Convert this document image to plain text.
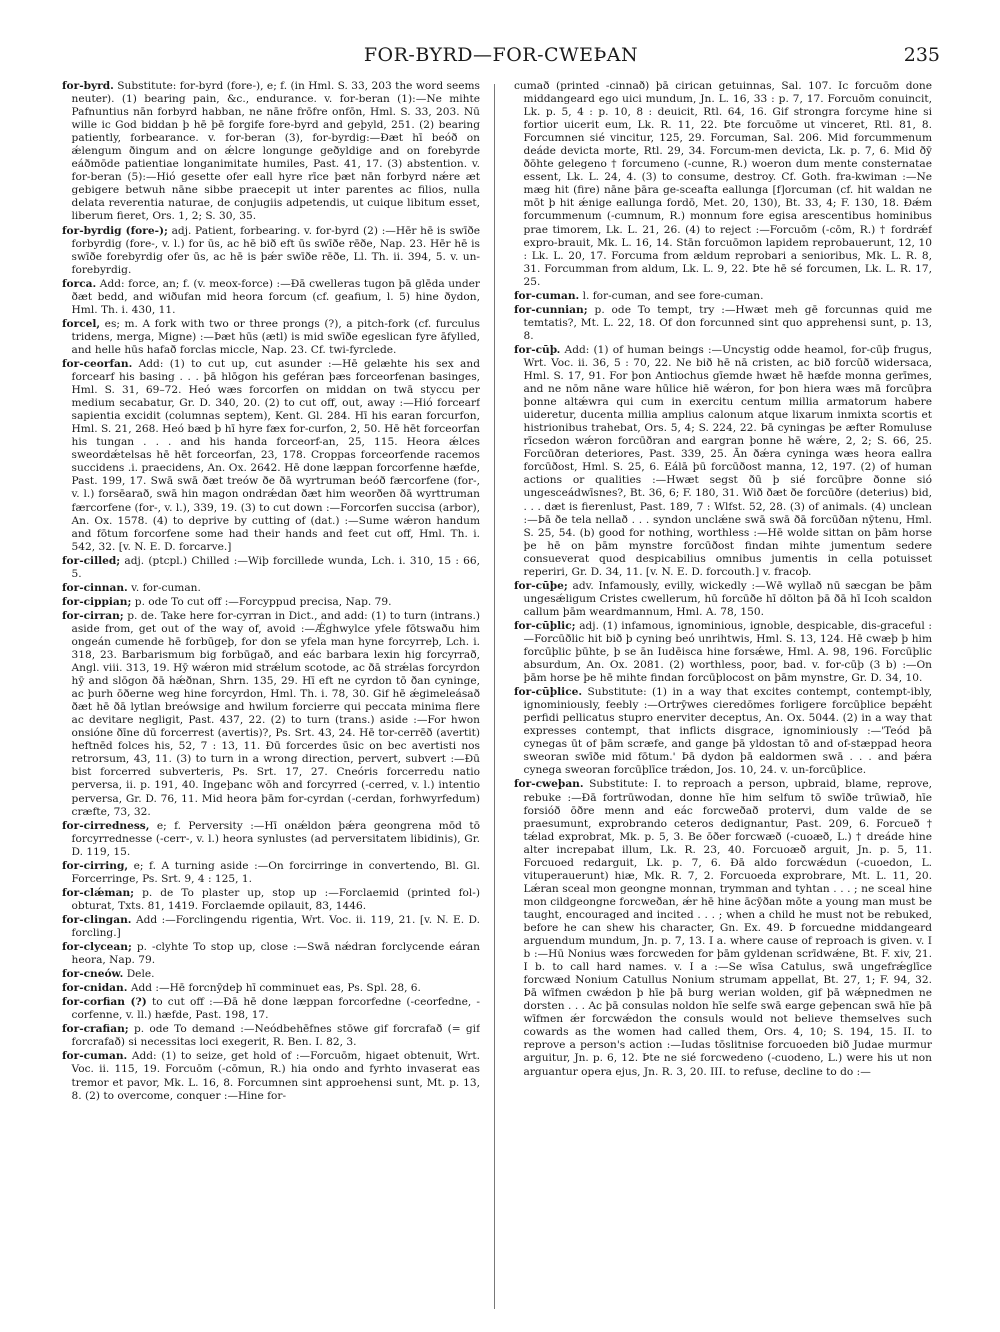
FOR-BYRD—FOR-CWEÞAN	235

for-byrd. Substitute: for-byrd (fore-), e; f. (in Hml. S. 33, 203 the word seems neuter). (1) bearing pain, &c., endurance. v. for-beran (1):—Ne mihte Pafnuntius nān forbyrd habban, ne nāne frōfre onfōn, Hml. S. 33, 203. Nū wille ic God biddan þ hē þē forgife fore-byrd and geþyld, 251. (2) bearing patiently, forbearance. v. for-beran (3), for-byrdig:—Ðæt hī beóð on ǽlengum ðingum and on ǽlcre longunge geðyldige and on forebyrde eáðmōde patientiae longanimitate humiles, Past. 41, 17. (3) abstention. v. for-beran (5):—Hió gesette ofer eall hyre rīce þæt nān forbyrd nǽre æt gebigere betwuh nāne sibbe praecepit ut inter parentes ac filios, nulla delata reverentia naturae, de conjugiis adpetendis, ut cuique libitum esset, liberum fieret, Ors. 1, 2; S. 30, 35.

for-byrdig (fore-); adj. Patient, forbearing. v. for-byrd (2) :—Hēr hē is swīðe forbyrdig (fore-, v. l.) for ūs, ac hē bið eft ūs swīðe rēðe, Nap. 23. Hēr hē is swīðe forebyrdig ofer ūs, ac hē is þǽr swīðe rēðe, Ll. Th. ii. 394, 5. v. un-forebyrdig.

forca. Add: force, an; f. (v. meox-force) :—Ðā cwelleras tugon þā glēda under ðæt bedd, and wiðufan mid heora forcum (cf. geafium, l. 5) hine ðydon, Hml. Th. i. 430, 11.

forcel, es; m. A fork with two or three prongs (?), a pitch-fork (cf. furculus tridens, merga, Migne) :—Þæt hūs (ætl) is mid swīðe egeslican fyre āfylled, and helle hūs hafað forclas miccle, Nap. 23. Cf. twi-fyrclede.

for-ceorfan. Add: (1) to cut up, cut asunder :—Hē gelæhte his sex and forcearf his basing . . . þā hlōgon his geféran þæs forceorfenan basinges, Hml. S. 31, 69–72. Heó wæs forcorfen on middan on twā styccu per medium secabatur, Gr. D. 340, 20. (2) to cut off, out, away :—Hió forcearf sapientia excidit (columnas septem), Kent. Gl. 284. Hī his earan forcurfon, Hml. S. 21, 268. Heó bæd þ hī hyre fæx for-curfon, 2, 50. Hē hēt forceorfan his tungan . . . and his handa forceorf-an, 25, 115. Heora ǽlces sweordǽtelsas hē hēt forceorfan, 23, 178. Croppas forceorfende racemos succidens .i. praecidens, An. Ox. 2642. Hē done læppan forcorfenne hæfde, Past. 199, 17. Swā swā ðæt treów ðe ðā wyrtruman beóð færcorfene (for-, v. l.) forsēarað, swā hin magon ondrǽdan ðæt him weorðen ðā wyrttruman færcorfene (for-, v. l.), 339, 19. (3) to cut down :—Forcorfen succisa (arbor), An. Ox. 1578. (4) to deprive by cutting of (dat.) :—Sume wǽron handum and fōtum forcorfene some had their hands and feet cut off, Hml. Th. i. 542, 32. [v. N. E. D. forcarve.]

for-cilled; adj. (ptcpl.) Chilled :—Wiþ forcillede wunda, Lch. i. 310, 15 : 66, 5.

for-cinnan. v. for-cuman.

for-cippian; p. ode To cut off :—Forcyppud precisa, Nap. 79.

for-cirran; p. de. Take here for-cyrran in Dict., and add: (1) to turn (intrans.) aside from, get out of the way of, avoid :—Ǽghwylce yfele fōtswaðu him ongeán cumende hē forbūgeþ, for don se yfela man hyne forcyrreþ, Lch. i. 318, 23. Barbarismum big forbūgað, and eác barbara lexin hig forcyrrað, Angl. viii. 313, 19. Hȳ wǽron mid strǽlum scotode, ac ðā strǽlas forcyrdon hȳ and slōgon ðā hǽðnan, Shrn. 135, 29. Hī eft ne cyrdon tō ðan cyninge, ac þurh ōðerne weg hine forcyrdon, Hml. Th. i. 78, 30. Gif hē ǽgimeleásað ðæt hē ðā lytlan breówsige and hwilum forcierre qui peccata minima flere ac devitare negligit, Past. 437, 22. (2) to turn (trans.) aside :—For hwon onsióne ðīne dū forcerrest (avertis)?, Ps. Srt. 43, 24. Hē tor-cerrēð (avertit) heftnēd folces his, 52, 7 : 13, 11. Ðū forcerdes ūsic on bec avertisti nos retrorsum, 43, 11. (3) to turn in a wrong direction, pervert, subvert :—Ðū bist forcerred subverteris, Ps. Srt. 17, 27. Cneóris forcerredu natio perversa, ii. p. 191, 40. Ingeþanc wōh and forcyrred (-cerred, v. l.) intentio perversa, Gr. D. 76, 11. Mid heora þām for-cyrdan (-cerdan, forhwyrfedum) cræfte, 73, 32.

for-cirredness, e; f. Perversity :—Hī onǽldon þǽra geongrena mōd tō forcyrrednesse (-cerr-, v. l.) heora synlustes (ad perversitatem libidinis), Gr. D. 119, 15.

for-cirring, e; f. A turning aside :—On forcirringe in convertendo, Bl. Gl. Forcerringe, Ps. Srt. 9, 4 : 125, 1.

for-clǽman; p. de To plaster up, stop up :—Forclaemid (printed fol-) obturat, Txts. 81, 1419. Forclaemde opilauit, 83, 1446.

for-clingan. Add :—Forclingendu rigentia, Wrt. Voc. ii. 119, 21. [v. N. E. D. forcling.]

for-clycean; p. -clyhte To stop up, close :—Swā nǽdran forclycende eáran heora, Nap. 79.

for-cneów. Dele.

for-cnidan. Add :—Hē forcnȳdeþ hī comminuet eas, Ps. Spl. 28, 6.

for-corfian (?) to cut off :—Ðā hē done læppan forcorfedne (-ceorfedne, -corfenne, v. ll.) hæfde, Past. 198, 17.

for-crafian; p. ode To demand :—Neódbehēfnes stōwe gif forcrafað (= gif forcrafað) si necessitas loci exegerit, R. Ben. I. 82, 3.

for-cuman. Add: (1) to seize, get hold of :—Forcuōm, higaet obtenuit, Wrt. Voc. ii. 115, 19. Forcuōm (-cōmun, R.) hia ondo and fyrhto invaserat eas tremor et pavor, Mk. L. 16, 8. Forcumnen sint approehensi sunt, Mt. p. 13, 8. (2) to overcome, conquer :—Hine for-

cumað (printed -cinnað) þā cirican getuinnas, Sal. 107. Ic forcuōm done middangeard ego uici mundum, Jn. L. 16, 33 : p. 7, 17. Forcuōm conuincit, Lk. p. 5, 4 : p. 10, 8 : deuicit, Rtl. 64, 16. Gif strongra forcyme hine si fortior uicerit eum, Lk. R. 11, 22. Þte forcuōme ut vinceret, Rtl. 81, 8. Forcumnen sié vincitur, 125, 29. Forcuman, Sal. 206. Mid forcummenum deáde devicta morte, Rtl. 29, 34. Forcum-men devicta, Lk. p. 7, 6. Mid ðȳ ðōhte gelegeno † forcumeno (-cunne, R.) woeron dum mente consternatae essent, Lk. L. 24, 4. (3) to consume, destroy. Cf. Goth. fra-kwiman :—Ne mæg hit (fire) nāne þāra ge-sceafta eallunga [f]orcuman (cf. hit waldan ne mōt þ hit ǽnige eallunga fordō, Met. 20, 130), Bt. 33, 4; F. 130, 18. Ðǽm forcummenum (-cumnum, R.) monnum fore egisa arescentibus hominibus prae timorem, Lk. L. 21, 26. (4) to reject :—Forcuōm (-cōm, R.) † fordrǽf expro-brauit, Mk. L. 16, 14. Stān forcuōmon lapidem reprobauerunt, 12, 10 : Lk. L. 20, 17. Forcuma from ældum reprobari a senioribus, Mk. L. R. 8, 31. Forcumman from aldum, Lk. L. 9, 22. Þte hē sé forcumen, Lk. L. R. 17, 25.

for-cuman. l. for-cuman, and see fore-cuman.

for-cunnian; p. ode To tempt, try :—Hwæt meh gē forcunnas quid me temtatis?, Mt. L. 22, 18. Of don forcunned sint quo apprehensi sunt, p. 13, 8.

for-cūþ. Add: (1) of human beings :—Uncystig odde heamol, for-cūþ frugus, Wrt. Voc. ii. 36, 5 : 70, 22. Ne bið hē nā cristen, ac bið forcūð widersaca, Hml. S. 17, 91. For þon Antiochus gīemde hwæt hē hæfde monna gerīmes, and ne nōm nāne ware hūlice hiē wǽron, for þon hiera wæs mā forcūþra þonne altǽwra qui cum in exercitu centum millia armatorum habere uideretur, ducenta millia amplius calonum atque lixarum inmixta scortis et histrionibus trahebat, Ors. 5, 4; S. 224, 22. Þā cyningas þe æfter Romuluse rīcsedon wǽron forcūðran and eargran þonne hē wǽre, 2, 2; S. 66, 25. Forcūðran deteriores, Past. 339, 25. Ān ðǽra cyninga wæs heora eallra forcūðost, Hml. S. 25, 6. Eálā þū forcūðost manna, 12, 197. (2) of human actions or qualities :—Hwæt segst ðū þ sié forcūþre ðonne sió ungesceádwīsnes?, Bt. 36, 6; F. 180, 31. Wið ðæt ðe forcūðre (deterius) bid, . . . dæt is fierenlust, Past. 189, 7 : Wlfst. 52, 28. (3) of animals. (4) unclean :—Þā ðe tela nellað . . . syndon unclǽne swā swā ðā forcūðan nȳtenu, Hml. S. 25, 54. (b) good for nothing, worthless :—Hē wolde sittan on þām horse þe hē on þām mynstre forcūðost findan mihte jumentum sedere consueverat quod despicabilius omnibus jumentis in cella potuisset reperiri, Gr. D. 34, 11. [v. N. E. D. forcouth.] v. fracoþ.

for-cūþe; adv. Infamously, evilly, wickedly :—Wē wyllað nū sæcgan be þām ungesǽligum Cristes cwellerum, hū forcūðe hī dōlton þā ðā hī Icoh scaldon callum þām weardmannum, Hml. A. 78, 150.

for-cūþlic; adj. (1) infamous, ignominious, ignoble, despicable, dis-graceful :—Forcūðlic hit bið þ cyning beó unrihtwis, Hml. S. 13, 124. Hē cwæþ þ him forcūþlic þūhte, þ se ān Iudēisca hine forsǽwe, Hml. A. 98, 196. Forcūþlic absurdum, An. Ox. 2081. (2) worthless, poor, bad. v. for-cūþ (3 b) :—On þām horse þe hē mihte findan forcūþlocost on þām mynstre, Gr. D. 34, 10.

for-cūþlice. Substitute: (1) in a way that excites contempt, contempt-ibly, ignominiously, feebly :—Ortrȳwes cieredōmes forligere forcūþlice bepǽht perfidi pellicatus stupro enerviter deceptus, An. Ox. 5044. (2) in a way that expresses contempt, that inflicts disgrace, ignominiously :—'Teód þā cynegas ūt of þām scræfe, and gange þā yldostan tō and of-stæppad heora sweoran swīðe mid fōtum.' Þā dydon þā ealdormen swā . . . and þǽra cynega sweoran forcūþlīce trǽdon, Jos. 10, 24. v. un-forcūþlice.

for-cweþan. Substitute: I. to reproach a person, upbraid, blame, reprove, rebuke :—Ðā fortrūwodan, donne hīe him selfum tō swīðe trūwiað, hīe forsióð ōðre menn and eác forcweðað protervi, dum valde de se praesumunt, exprobrando ceteros dedignantur, Past. 209, 6. Forcueð † tǽlad exprobrat, Mk. p. 5, 3. Be ōðer forcwæð (-cuoæð, L.) † dreáde hine alter increpabat illum, Lk. R. 23, 40. Forcuoæð arguit, Jn. p. 5, 11. Forcuoed redarguit, Lk. p. 7, 6. Ðā aldo forcwǽdun (-cuoedon, L. vituperauerunt) hiæ, Mk. R. 7, 2. Forcuoeda exprobrare, Mt. L. 11, 20. Lǽran sceal mon geongne monnan, trymman and tyhtan . . . ; ne sceal hine mon cildgeongne forcweðan, ǽr hē hine ācȳðan mōte a young man must be taught, encouraged and incited . . . ; when a child he must not be rebuked, before he can shew his character, Gn. Ex. 49. Þ forcuedne middangeard arguendum mundum, Jn. p. 7, 13. I a. where cause of reproach is given. v. I b :—Hū Nonius wæs forcweden for þām gyldenan scrīdwǽne, Bt. F. xiv, 21. I b. to call hard names. v. I a :—Se wīsa Catulus, swā ungefrǽglīce forcwæd Nonium Catullus Nonium strumam appellat, Bt. 27, 1; F. 94, 32. Þā wīfmen cwǽdon þ hīe þā burg werian wolden, gif þā wǽpnedmen ne dorsten . . . Ac þā consulas noldon hīe selfe swā earge geþencan swā hīe þā wīfmen ǽr forcwǽdon the consuls would not believe themselves such cowards as the women had called them, Ors. 4, 10; S. 194, 15. II. to reprove a person's action :—Iudas tōslitnise forcuoeden bið Judae murmur arguitur, Jn. p. 6, 12. Þte ne sié forcwedeno (-cuodeno, L.) were his ut non arguantur opera ejus, Jn. R. 3, 20. III. to refuse, decline to do :—
